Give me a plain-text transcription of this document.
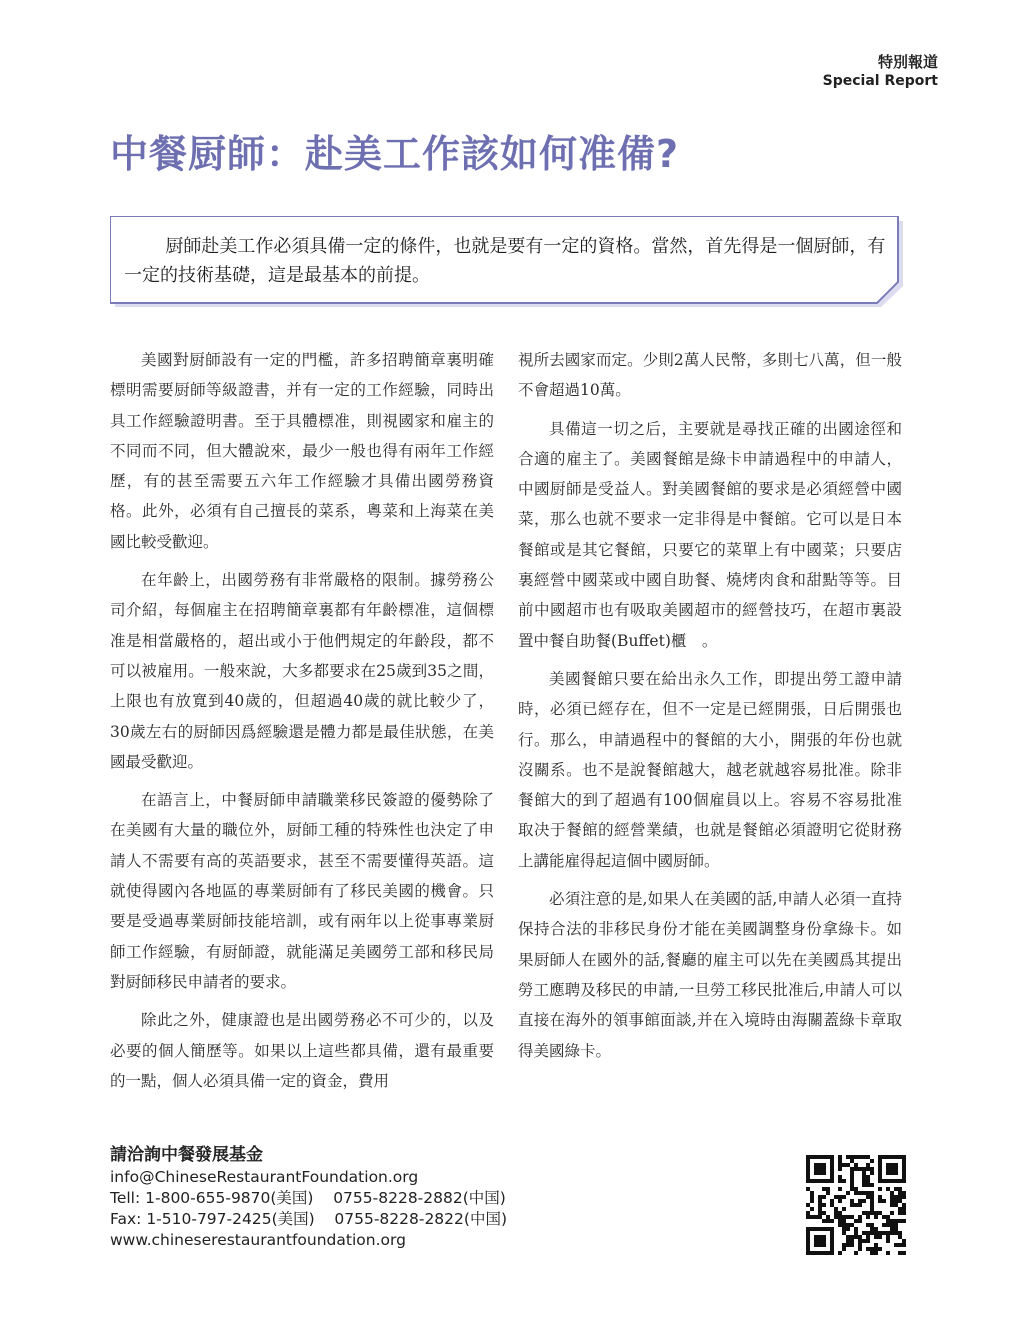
特別報道
Special Report
中餐厨師：赴美工作該如何准備?

厨師赴美工作必須具備一定的條件，也就是要有一定的資格。當然，首先得是一個厨師，有一定的技術基礎，這是最基本的前提。

美國對厨師設有一定的門檻，許多招聘簡章裏明確標明需要厨師等級證書，并有一定的工作經驗，同時出具工作經驗證明書。至于具體標准，則視國家和雇主的不同而不同，但大體說來，最少一般也得有兩年工作經歷，有的甚至需要五六年工作經驗才具備出國勞務資格。此外，必須有自己擅長的菜系，粵菜和上海菜在美國比較受歡迎。

在年齡上，出國勞務有非常嚴格的限制。據勞務公司介紹，每個雇主在招聘簡章裏都有年齡標准，這個標准是相當嚴格的，超出或小于他們規定的年齡段，都不可以被雇用。一般來說，大多都要求在25歲到35之間，上限也有放寬到40歲的，但超過40歲的就比較少了，30歲左右的厨師因爲經驗還是體力都是最佳狀態，在美國最受歡迎。

在語言上，中餐厨師申請職業移民簽證的優勢除了在美國有大量的職位外，厨師工種的特殊性也決定了申請人不需要有高的英語要求，甚至不需要懂得英語。這就使得國內各地區的專業厨師有了移民美國的機會。只要是受過專業厨師技能培訓，或有兩年以上從事專業厨師工作經驗，有厨師證，就能滿足美國勞工部和移民局對厨師移民申請者的要求。

除此之外，健康證也是出國勞務必不可少的，以及必要的個人簡歷等。如果以上這些都具備，還有最重要的一點，個人必須具備一定的資金，費用

視所去國家而定。少則2萬人民幣，多則七八萬，但一般不會超過10萬。

具備這一切之后，主要就是尋找正確的出國途徑和合適的雇主了。美國餐館是綠卡申請過程中的申請人，中國厨師是受益人。對美國餐館的要求是必須經營中國菜，那么也就不要求一定非得是中餐館。它可以是日本餐館或是其它餐館，只要它的菜單上有中國菜；只要店裏經營中國菜或中國自助餐、燒烤肉食和甜點等等。目前中國超市也有吸取美國超市的經營技巧，在超市裏設置中餐自助餐(Buffet)櫃　。

美國餐館只要在給出永久工作，即提出勞工證申請時，必須已經存在，但不一定是已經開張，日后開張也行。那么，申請過程中的餐館的大小，開張的年份也就沒關系。也不是說餐館越大，越老就越容易批准。除非餐館大的到了超過有100個雇員以上。容易不容易批准取决于餐館的經營業績，也就是餐館必須證明它從財務上講能雇得起這個中國厨師。

必須注意的是,如果人在美國的話,申請人必須一直持保持合法的非移民身份才能在美國調整身份拿綠卡。如果厨師人在國外的話,餐廳的雇主可以先在美國爲其提出勞工應聘及移民的申請,一旦勞工移民批准后,申請人可以直接在海外的領事館面談,并在入境時由海關蓋綠卡章取得美國綠卡。

請洽詢中餐發展基金
info@ChineseRestaurantFoundation.org
Tell: 1-800-655-9870(美国)    0755-8228-2882(中国)
Fax: 1-510-797-2425(美国)    0755-8228-2822(中国)
www.chineserestaurantfoundation.org
